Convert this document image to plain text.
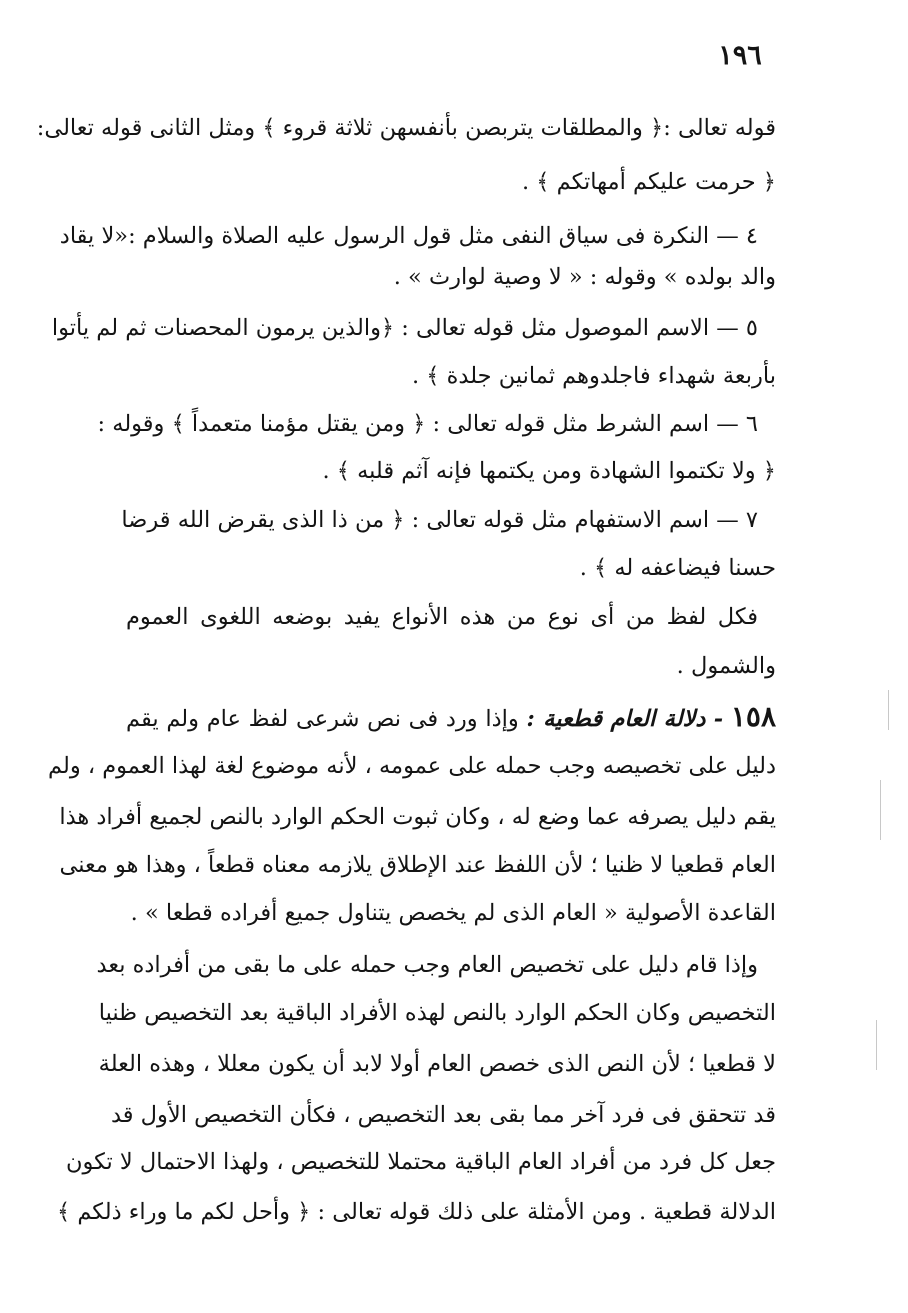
١٩٦
قوله تعالى :﴿ والمطلقات يتربصن بأنفسهن ثلاثة قروء ﴾ ومثل الثانى قوله تعالى:
﴿ حرمت عليكم أمهاتكم ﴾ .
٤ — النكرة فى سياق النفى مثل قول الرسول عليه الصلاة والسلام :«لا يقاد
والد بولده » وقوله : « لا وصية لوارث » .
٥ — الاسم الموصول مثل قوله تعالى : ﴿والذين يرمون المحصنات ثم لم يأتوا
بأربعة شهداء فاجلدوهم ثمانين جلدة ﴾ .
٦ — اسم الشرط مثل قوله تعالى : ﴿ ومن يقتل مؤمنا متعمداً ﴾ وقوله :
﴿ ولا تكتموا الشهادة ومن يكتمها فإنه آثم قلبه ﴾ .
٧ — اسم الاستفهام مثل قوله تعالى : ﴿ من ذا الذى يقرض الله قرضا
حسنا فيضاعفه له ﴾ .
فكل لفظ من أى نوع من هذه الأنواع يفيد بوضعه اللغوى العموم
والشمول .
١٥٨ - دلالة العام قطعية : وإذا ورد فى نص شرعى لفظ عام ولم يقم
دليل على تخصيصه وجب حمله على عمومه ، لأنه موضوع لغة لهذا العموم ، ولم
يقم دليل يصرفه عما وضع له ، وكان ثبوت الحكم الوارد بالنص لجميع أفراد هذا
العام قطعيا لا ظنيا ؛ لأن اللفظ عند الإطلاق يلازمه معناه قطعاً ، وهذا هو معنى
القاعدة الأصولية « العام الذى لم يخصص يتناول جميع أفراده قطعا » .
وإذا قام دليل على تخصيص العام وجب حمله على ما بقى من أفراده بعد
التخصيص وكان الحكم الوارد بالنص لهذه الأفراد الباقية بعد التخصيص ظنيا
لا قطعيا ؛ لأن النص الذى خصص العام أولا لابد أن يكون معللا ، وهذه العلة
قد تتحقق فى فرد آخر مما بقى بعد التخصيص ، فكأن التخصيص الأول قد
جعل كل فرد من أفراد العام الباقية محتملا للتخصيص ، ولهذا الاحتمال لا تكون
الدلالة قطعية . ومن الأمثلة على ذلك قوله تعالى : ﴿ وأحل لكم ما وراء ذلكم ﴾
